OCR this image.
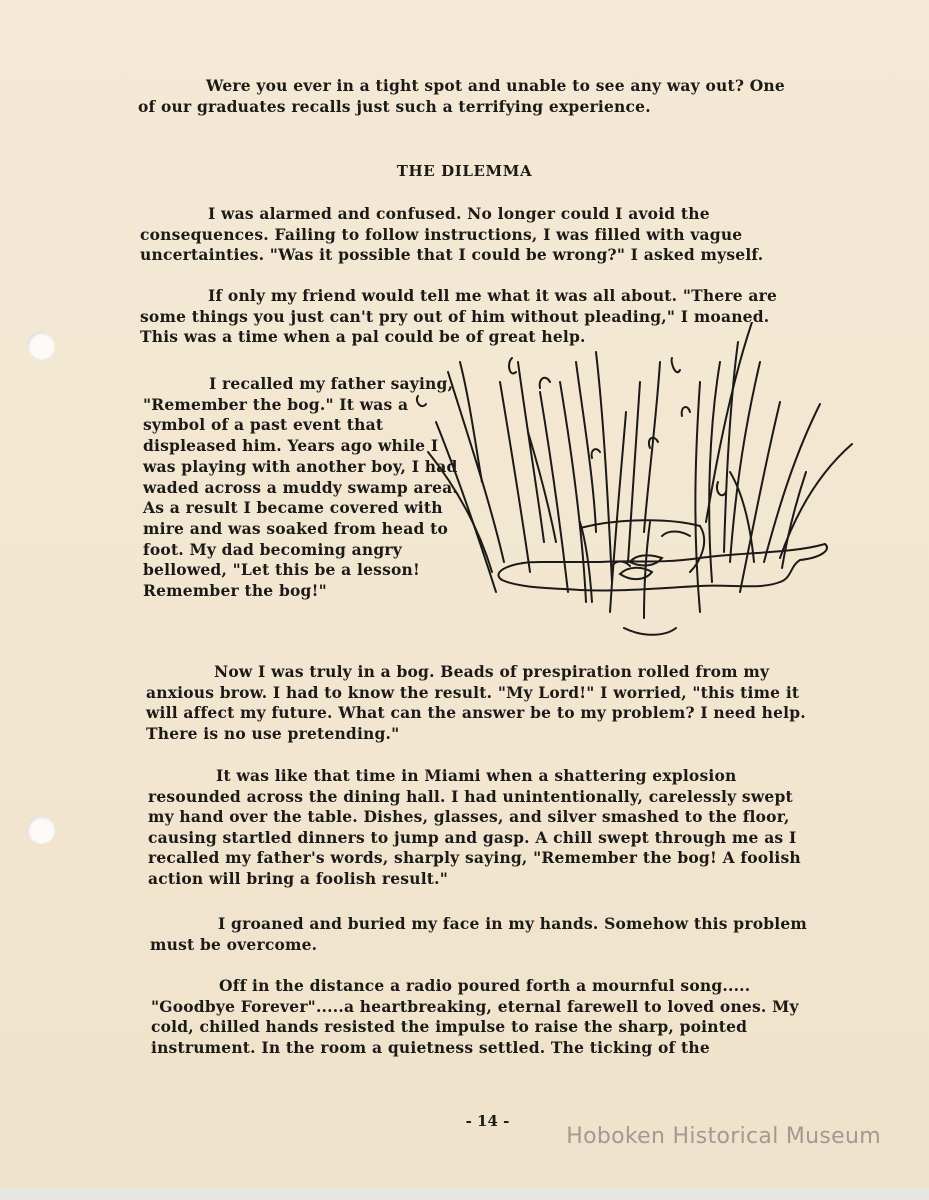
Were you ever in a tight spot and unable to see any way out? One of our graduates recalls just such a terrifying experience.
THE DILEMMA
I was alarmed and confused. No longer could I avoid the consequences. Failing to follow instructions, I was filled with vague uncertainties. "Was it possible that I could be wrong?" I asked myself.
If only my friend would tell me what it was all about. "There are some things you just can't pry out of him without pleading," I moaned. This was a time when a pal could be of great help.
I recalled my father saying, "Remember the bog." It was a symbol of a past event that displeased him. Years ago while I was playing with another boy, I had waded across a muddy swamp area. As a result I became covered with mire and was soaked from head to foot. My dad becoming angry bellowed, "Let this be a lesson! Remember the bog!"
Now I was truly in a bog. Beads of prespiration rolled from my anxious brow. I had to know the result. "My Lord!" I worried, "this time it will affect my future. What can the answer be to my problem? I need help. There is no use pretending."
It was like that time in Miami when a shattering explosion resounded across the dining hall. I had unintentionally, carelessly swept my hand over the table. Dishes, glasses, and silver smashed to the floor, causing startled dinners to jump and gasp. A chill swept through me as I recalled my father's words, sharply saying, "Remember the bog! A foolish action will bring a foolish result."
I groaned and buried my face in my hands. Somehow this problem must be overcome.
Off in the distance a radio poured forth a mournful song..... "Goodbye Forever".....a heartbreaking, eternal farewell to loved ones. My cold, chilled hands resisted the impulse to raise the sharp, pointed instrument. In the room a quietness settled. The ticking of the
- 14 -
Hoboken Historical Museum
